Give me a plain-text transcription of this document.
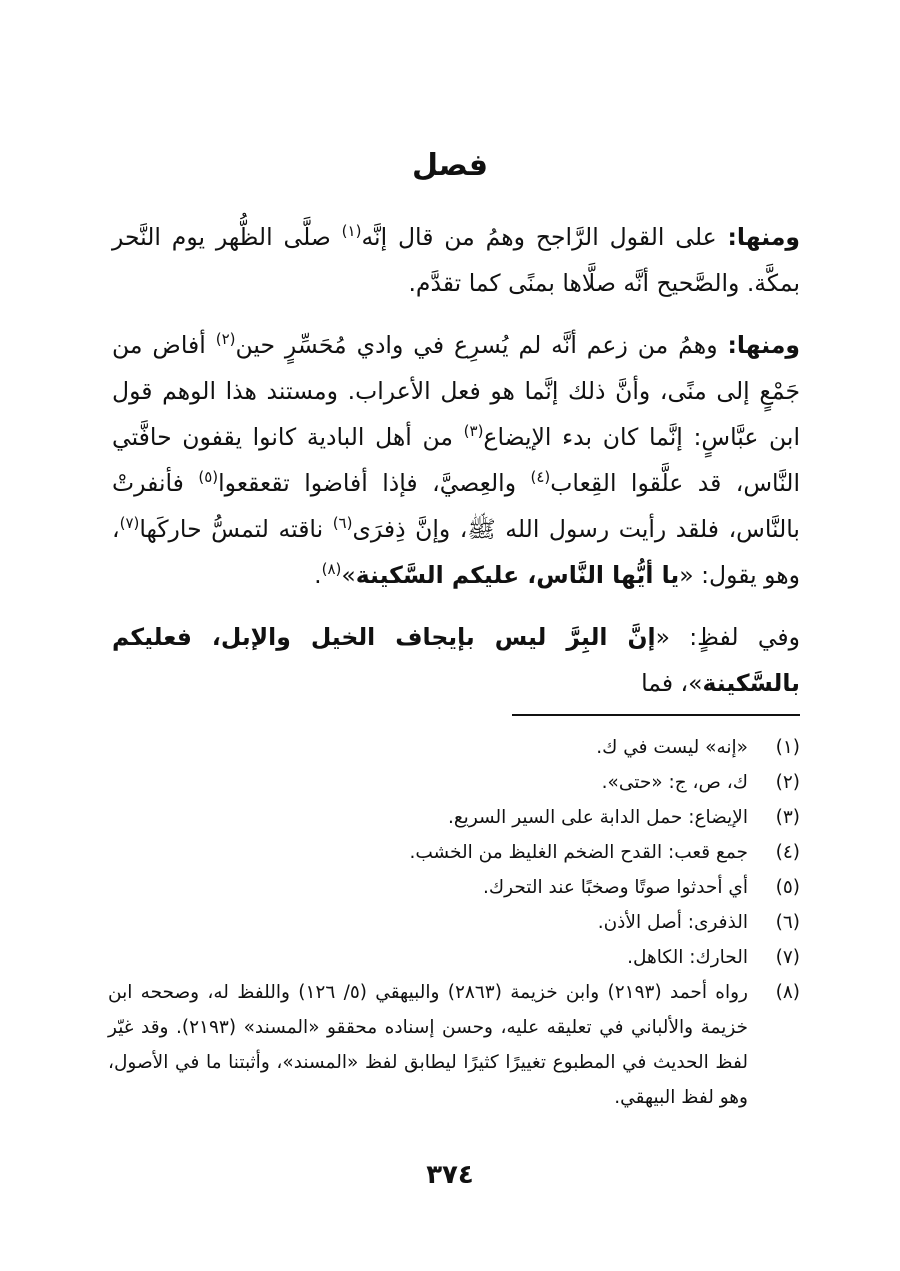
فصل

ومنها: على القول الرَّاجح وهمُ من قال إنَّه$^{(١)}$ صلَّى الظُّهر يوم النَّحر بمكَّة. والصَّحيح أنَّه صلَّاها بمنًى كما تقدَّم.

ومنها: وهمُ من زعم أنَّه لم يُسرِع في وادي مُحَسِّرٍ حين$^{(٢)}$ أفاض من جَمْعٍ إلى منًى، وأنَّ ذلك إنَّما هو فعل الأعراب. ومستند هذا الوهم قول ابن عبَّاسٍ: إنَّما كان بدء الإيضاع$^{(٣)}$ من أهل البادية كانوا يقفون حافَّتي النَّاس، قد علَّقوا القِعاب$^{(٤)}$ والعِصيَّ، فإذا أفاضوا تقعقعوا$^{(٥)}$ فأنفرتْ بالنَّاس، فلقد رأيت رسول الله ﷺ، وإنَّ ذِفرَى$^{(٦)}$ ناقته لتمسُّ حاركَها$^{(٧)}$، وهو يقول: «يا أيُّها النَّاس، عليكم السَّكينة»$^{(٨)}$.

وفي لفظٍ: «إنَّ البِرَّ ليس بإيجاف الخيل والإبل، فعليكم بالسَّكينة»، فما

(١)
«إنه» ليست في ك.
(٢)
ك، ص، ج: «حتى».
(٣)
الإيضاع: حمل الدابة على السير السريع.
(٤)
جمع قعب: القدح الضخم الغليظ من الخشب.
(٥)
أي أحدثوا صوتًا وصخبًا عند التحرك.
(٦)
الذفرى: أصل الأذن.
(٧)
الحارك: الكاهل.
(٨)
رواه أحمد (٢١٩٣) وابن خزيمة (٢٨٦٣) والبيهقي (٥/ ١٢٦) واللفظ له، وصححه ابن خزيمة والألباني في تعليقه عليه، وحسن إسناده محققو «المسند» (٢١٩٣). وقد غيّر لفظ الحديث في المطبوع تغييرًا كثيرًا ليطابق لفظ «المسند»، وأثبتنا ما في الأصول، وهو لفظ البيهقي.
٣٧٤
